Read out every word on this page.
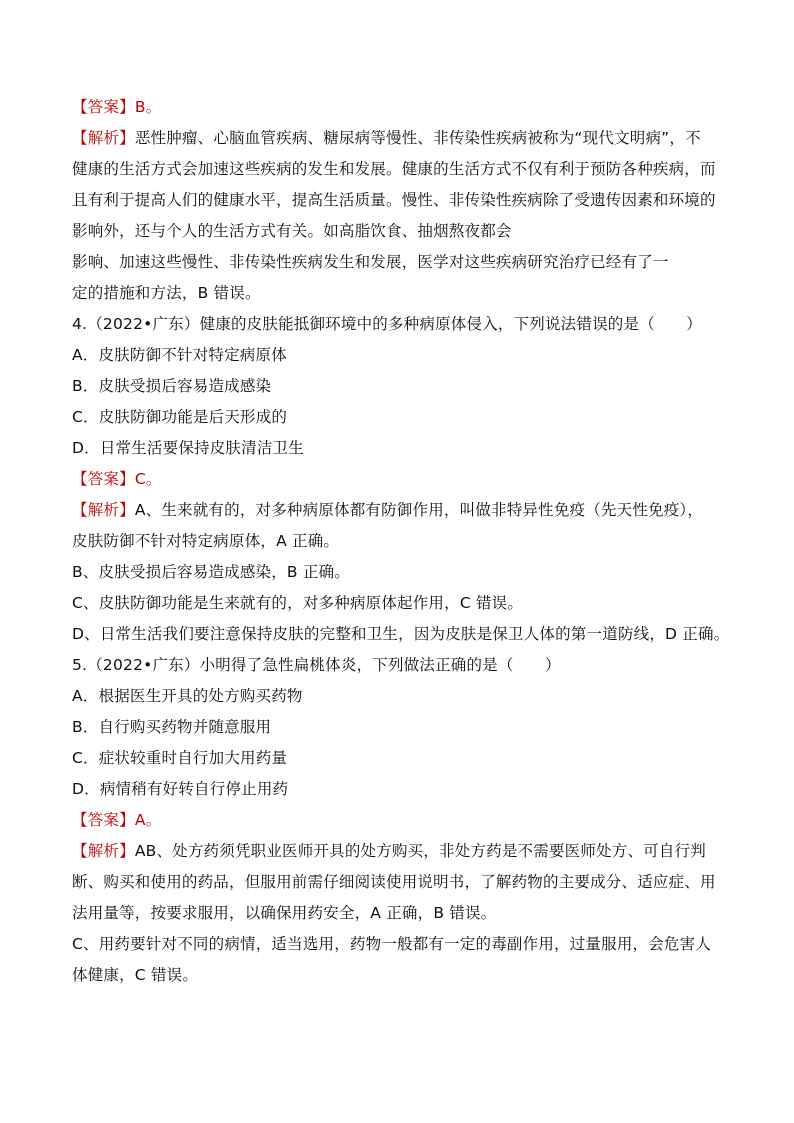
【答案】B。
【解析】恶性肿瘤、心脑血管疾病、糖尿病等慢性、非传染性疾病被称为“现代文明病”，不
健康的生活方式会加速这些疾病的发生和发展。健康的生活方式不仅有利于预防各种疾病，而
且有利于提高人们的健康水平，提高生活质量。慢性、非传染性疾病除了受遗传因素和环境的
影响外，还与个人的生活方式有关。如高脂饮食、抽烟熬夜都会
影响、加速这些慢性、非传染性疾病发生和发展，医学对这些疾病研究治疗已经有了一
定的措施和方法，B 错误。
4.（2022•广东）健康的皮肤能抵御环境中的多种病原体侵入，下列说法错误的是（　　）
A．皮肤防御不针对特定病原体
B．皮肤受损后容易造成感染
C．皮肤防御功能是后天形成的
D．日常生活要保持皮肤清洁卫生
【答案】C。
【解析】A、生来就有的，对多种病原体都有防御作用，叫做非特异性免疫（先天性免疫），
皮肤防御不针对特定病原体，A 正确。
B、皮肤受损后容易造成感染，B 正确。
C、皮肤防御功能是生来就有的，对多种病原体起作用，C 错误。
D、日常生活我们要注意保持皮肤的完整和卫生，因为皮肤是保卫人体的第一道防线，D 正确。
5.（2022•广东）小明得了急性扁桃体炎，下列做法正确的是（　　）
A．根据医生开具的处方购买药物
B．自行购买药物并随意服用
C．症状较重时自行加大用药量
D．病情稍有好转自行停止用药
【答案】A。
【解析】AB、处方药须凭职业医师开具的处方购买，非处方药是不需要医师处方、可自行判
断、购买和使用的药品，但服用前需仔细阅读使用说明书，了解药物的主要成分、适应症、用
法用量等，按要求服用，以确保用药安全，A 正确，B 错误。
C、用药要针对不同的病情，适当选用，药物一般都有一定的毒副作用，过量服用，会危害人
体健康，C 错误。
